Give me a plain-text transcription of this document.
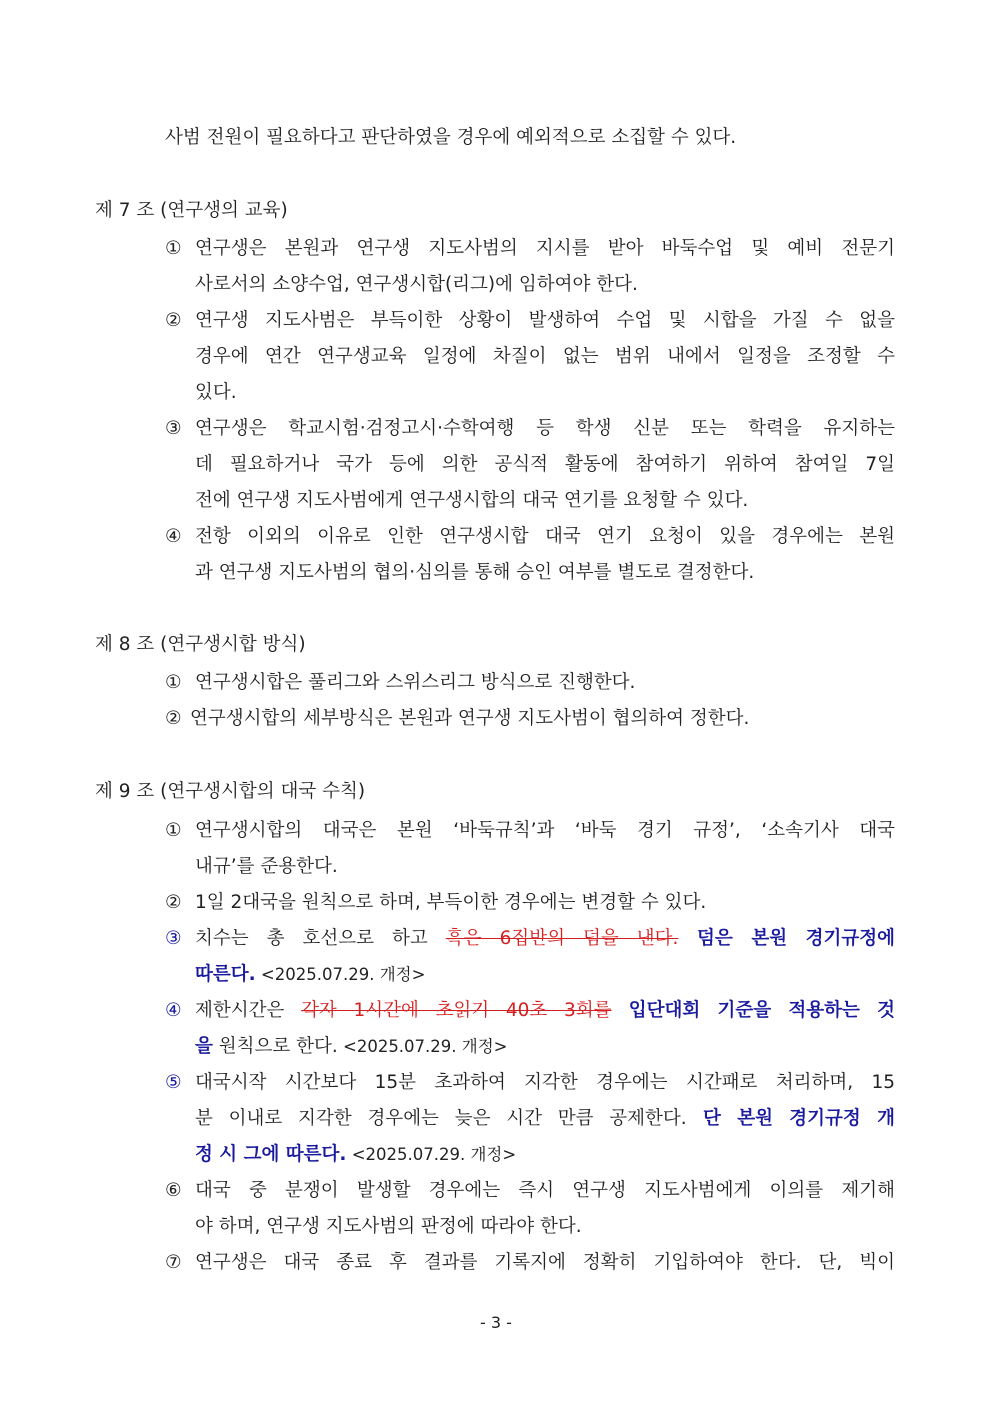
사범 전원이 필요하다고 판단하였을 경우에 예외적으로 소집할 수 있다.
제 7 조 (연구생의 교육)
① 연구생은 본원과 연구생 지도사범의 지시를 받아 바둑수업 및 예비 전문기
사로서의 소양수업, 연구생시합(리그)에 임하여야 한다.
② 연구생 지도사범은 부득이한 상황이 발생하여 수업 및 시합을 가질 수 없을
경우에 연간 연구생교육 일정에 차질이 없는 범위 내에서 일정을 조정할 수
있다.
③ 연구생은 학교시험·검정고시·수학여행 등 학생 신분 또는 학력을 유지하는
데 필요하거나 국가 등에 의한 공식적 활동에 참여하기 위하여 참여일 7일
전에 연구생 지도사범에게 연구생시합의 대국 연기를 요청할 수 있다.
④ 전항 이외의 이유로 인한 연구생시합 대국 연기 요청이 있을 경우에는 본원
과 연구생 지도사범의 협의·심의를 통해 승인 여부를 별도로 결정한다.
제 8 조 (연구생시합 방식)
① 연구생시합은 풀리그와 스위스리그 방식으로 진행한다.
② 연구생시합의 세부방식은 본원과 연구생 지도사범이 협의하여 정한다.
제 9 조 (연구생시합의 대국 수칙)
① 연구생시합의 대국은 본원 ‘바둑규칙’과 ‘바둑 경기 규정’, ‘소속기사 대국
내규’를 준용한다.
② 1일 2대국을 원칙으로 하며, 부득이한 경우에는 변경할 수 있다.
③ 치수는 총 호선으로 하고 흑은 6집반의 덤을 낸다. 덤은 본원 경기규정에
따른다. <2025.07.29. 개정>
④ 제한시간은 각자 1시간에 초읽기 40초 3회를 입단대회 기준을 적용하는 것
을 원칙으로 한다. <2025.07.29. 개정>
⑤ 대국시작 시간보다 15분 초과하여 지각한 경우에는 시간패로 처리하며, 15
분 이내로 지각한 경우에는 늦은 시간 만큼 공제한다. 단 본원 경기규정 개
정 시 그에 따른다. <2025.07.29. 개정>
⑥ 대국 중 분쟁이 발생할 경우에는 즉시 연구생 지도사범에게 이의를 제기해
야 하며, 연구생 지도사범의 판정에 따라야 한다.
⑦ 연구생은 대국 종료 후 결과를 기록지에 정확히 기입하여야 한다. 단, 빅이
- 3 -
